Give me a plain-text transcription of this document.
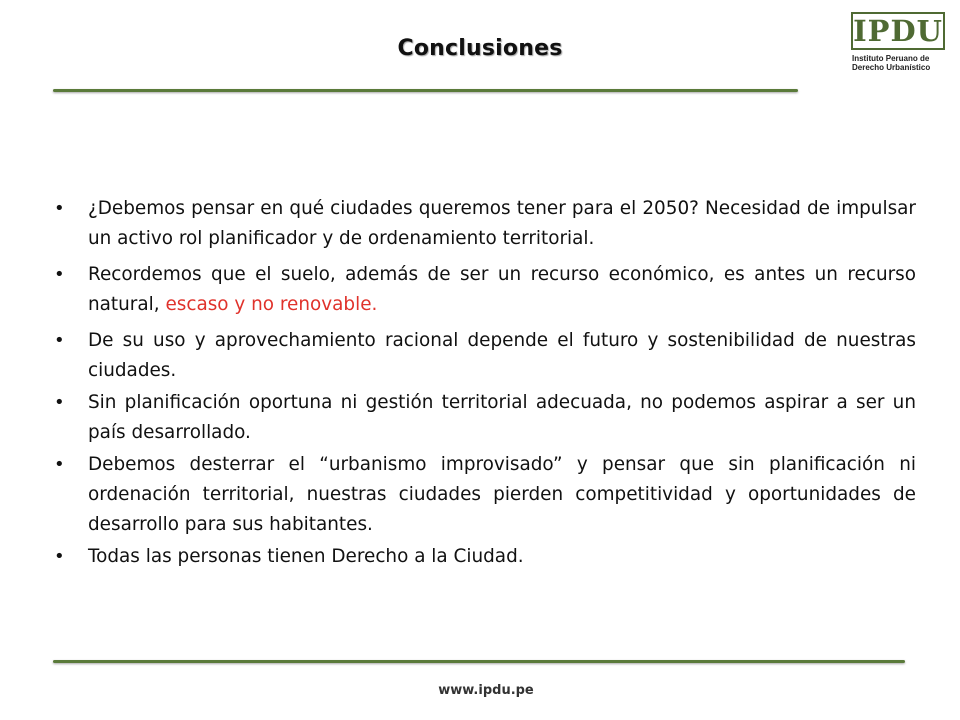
Conclusiones
IPDU
Instituto Peruano de
Derecho Urbanístico
• ¿Debemos pensar en qué ciudades queremos tener para el 2050? Necesidad de impulsar un activo rol planificador y de ordenamiento territorial.
• Recordemos que el suelo, además de ser un recurso económico, es antes un recurso natural, escaso y no renovable.
• De su uso y aprovechamiento racional depende el futuro y sostenibilidad de nuestras ciudades.
• Sin planificación oportuna ni gestión territorial adecuada, no podemos aspirar a ser un país desarrollado.
• Debemos desterrar el “urbanismo improvisado” y pensar que sin planificación ni ordenación territorial, nuestras ciudades pierden competitividad y oportunidades de desarrollo para sus habitantes.
• Todas las personas tienen Derecho a la Ciudad.
www.ipdu.pe
